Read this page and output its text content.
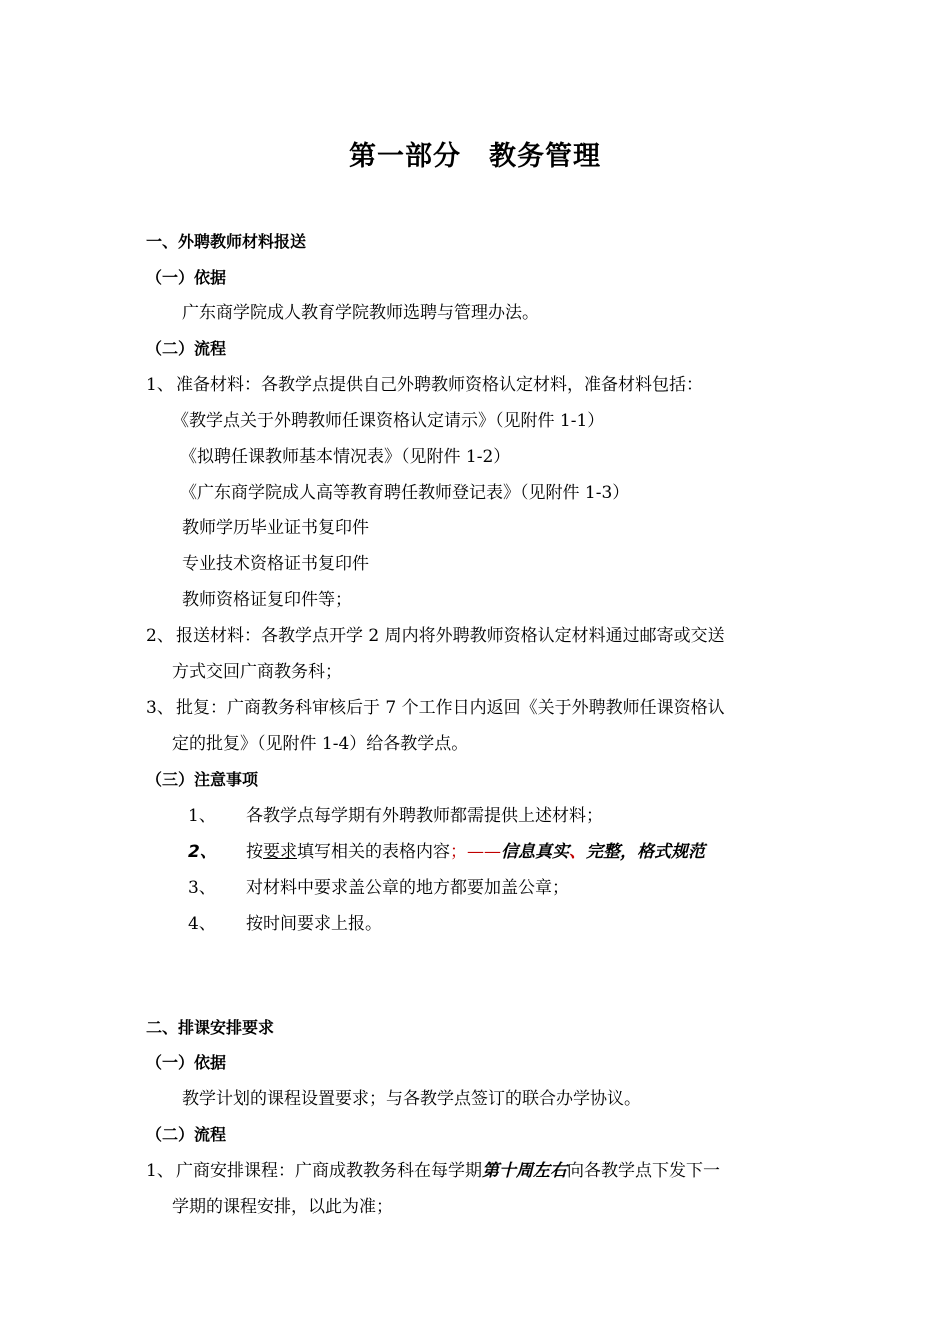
第一部分　教务管理
一、外聘教师材料报送
（一）依据
广东商学院成人教育学院教师选聘与管理办法。
（二）流程
1、 准备材料：各教学点提供自己外聘教师资格认定材料，准备材料包括：
《教学点关于外聘教师任课资格认定请示》（见附件 1-1）
《拟聘任课教师基本情况表》（见附件 1-2）
《广东商学院成人高等教育聘任教师登记表》（见附件 1-3）
教师学历毕业证书复印件
专业技术资格证书复印件
教师资格证复印件等；
2、 报送材料：各教学点开学 2 周内将外聘教师资格认定材料通过邮寄或交送
方式交回广商教务科；
3、 批复：广商教务科审核后于 7 个工作日内返回《关于外聘教师任课资格认
定的批复》（见附件 1-4）给各教学点。
（三）注意事项
1、 各教学点每学期有外聘教师都需提供上述材料；
2、 按要求填写相关的表格内容；——信息真实、完整，格式规范
3、 对材料中要求盖公章的地方都要加盖公章；
4、 按时间要求上报。
二、排课安排要求
（一）依据
教学计划的课程设置要求；与各教学点签订的联合办学协议。
（二）流程
1、 广商安排课程：广商成教教务科在每学期第十周左右向各教学点下发下一
学期的课程安排，以此为准；
